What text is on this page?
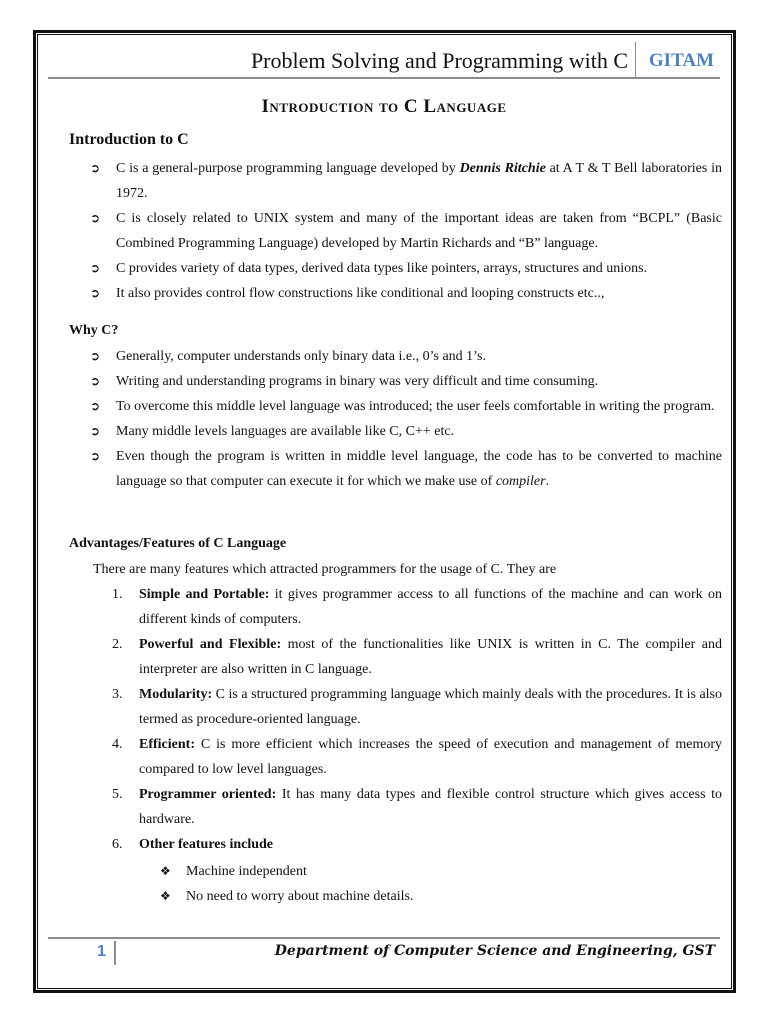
Problem Solving and Programming with C GITAM
Introduction to C Language
Introduction to C
➲	C is a general-purpose programming language developed by Dennis Ritchie at A T & T Bell laboratories in 1972.
➲	C is closely related to UNIX system and many of the important ideas are taken from “BCPL” (Basic Combined Programming Language) developed by Martin Richards and “B” language.
➲	C provides variety of data types, derived data types like pointers, arrays, structures and unions.
➲	It also provides control flow constructions like conditional and looping constructs etc..,
Why C?
➲	Generally, computer understands only binary data i.e., 0’s and 1’s.
➲	Writing and understanding programs in binary was very difficult and time consuming.
➲	To overcome this middle level language was introduced; the user feels comfortable in writing the program.
➲	Many middle levels languages are available like C, C++ etc.
➲	Even though the program is written in middle level language, the code has to be converted to machine language so that computer can execute it for which we make use of compiler.
Advantages/Features of C Language
There are many features which attracted programmers for the usage of C. They are
1.	Simple and Portable: it gives programmer access to all functions of the machine and can work on different kinds of computers.
2.	Powerful and Flexible: most of the functionalities like UNIX is written in C. The compiler and interpreter are also written in C language.
3.	Modularity: C is a structured programming language which mainly deals with the procedures. It is also termed as procedure-oriented language.
4.	Efficient: C is more efficient which increases the speed of execution and management of memory compared to low level languages.
5.	Programmer oriented: It has many data types and flexible control structure which gives access to hardware.
6.	Other features include
❖	Machine independent
❖	No need to worry about machine details.
1	Department of Computer Science and Engineering, GST
